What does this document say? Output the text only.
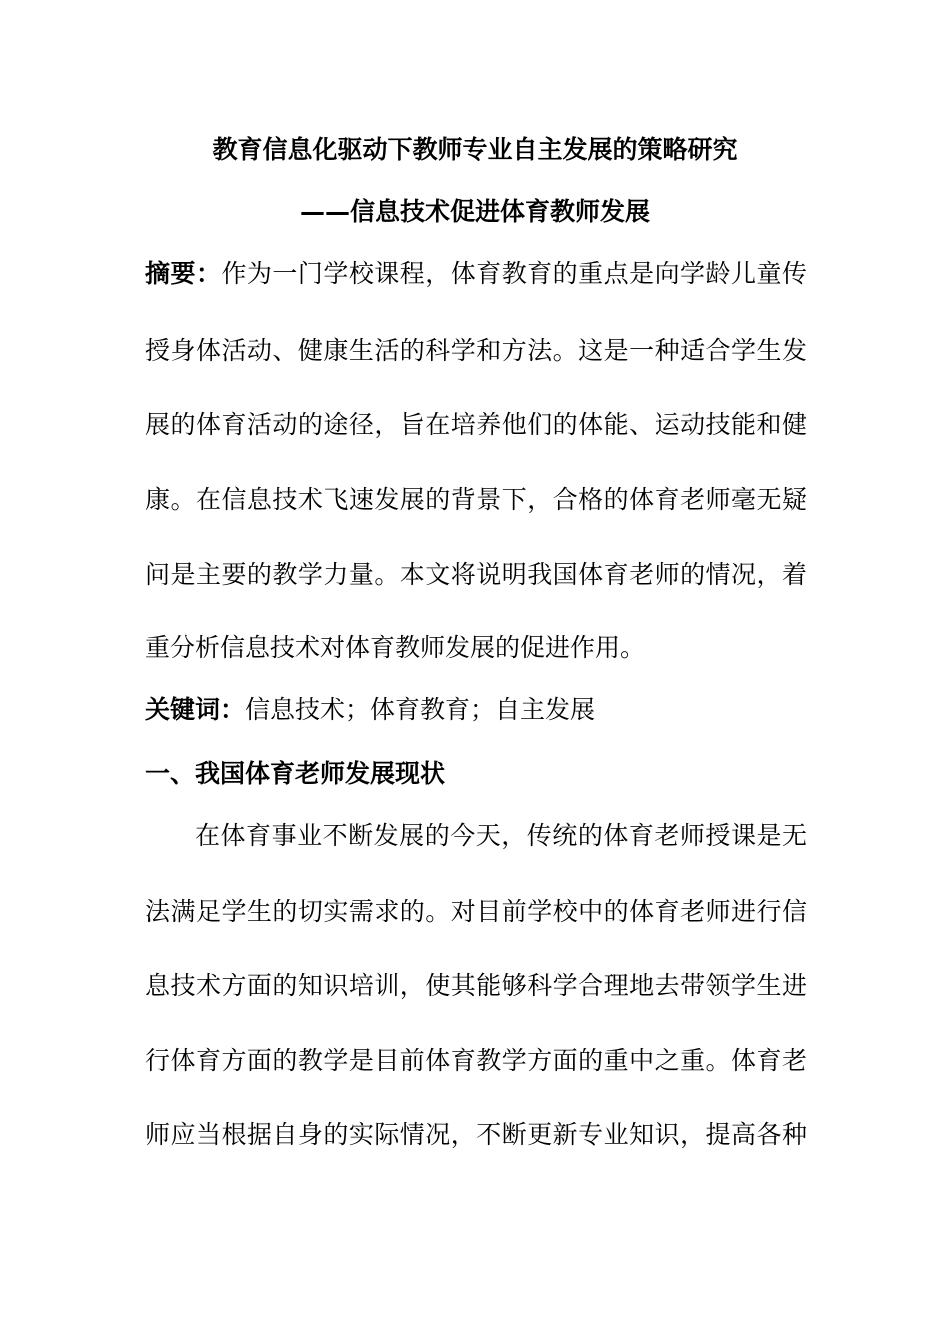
教育信息化驱动下教师专业自主发展的策略研究
——信息技术促进体育教师发展
摘要：作为一门学校课程，体育教育的重点是向学龄儿童传
授身体活动、健康生活的科学和方法。这是一种适合学生发
展的体育活动的途径，旨在培养他们的体能、运动技能和健
康。在信息技术飞速发展的背景下，合格的体育老师毫无疑
问是主要的教学力量。本文将说明我国体育老师的情况，着
重分析信息技术对体育教师发展的促进作用。
关键词：信息技术；体育教育；自主发展
一、我国体育老师发展现状
在体育事业不断发展的今天，传统的体育老师授课是无
法满足学生的切实需求的。对目前学校中的体育老师进行信
息技术方面的知识培训，使其能够科学合理地去带领学生进
行体育方面的教学是目前体育教学方面的重中之重。体育老
师应当根据自身的实际情况，不断更新专业知识，提高各种
